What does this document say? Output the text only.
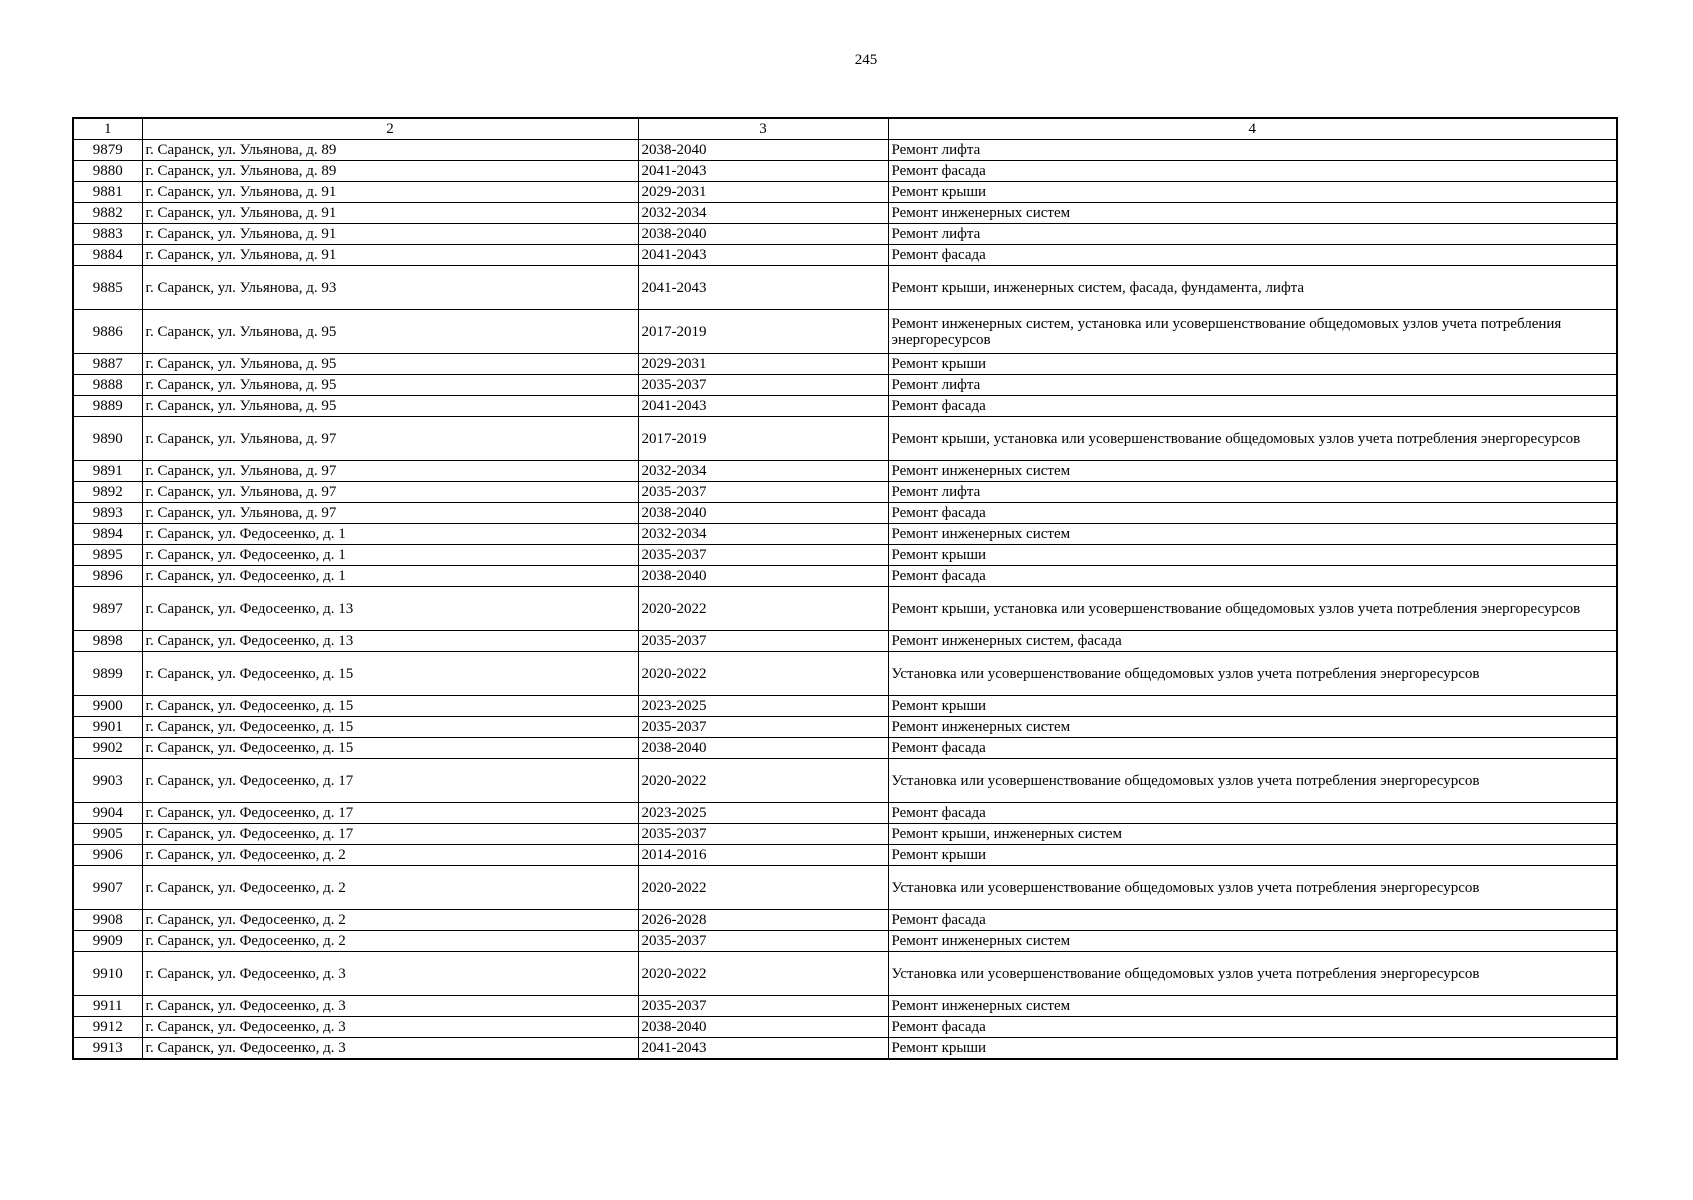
245
1	2	3	4
9879	г. Саранск, ул. Ульянова, д. 89	2038-2040	Ремонт лифта
9880	г. Саранск, ул. Ульянова, д. 89	2041-2043	Ремонт фасада
9881	г. Саранск, ул. Ульянова, д. 91	2029-2031	Ремонт крыши
9882	г. Саранск, ул. Ульянова, д. 91	2032-2034	Ремонт инженерных систем
9883	г. Саранск, ул. Ульянова, д. 91	2038-2040	Ремонт лифта
9884	г. Саранск, ул. Ульянова, д. 91	2041-2043	Ремонт фасада
9885	г. Саранск, ул. Ульянова, д. 93	2041-2043	Ремонт крыши, инженерных систем, фасада, фундамента, лифта
9886	г. Саранск, ул. Ульянова, д. 95	2017-2019	Ремонт инженерных систем, установка или усовершенствование общедомовых узлов учета потребления энергоресурсов
9887	г. Саранск, ул. Ульянова, д. 95	2029-2031	Ремонт крыши
9888	г. Саранск, ул. Ульянова, д. 95	2035-2037	Ремонт лифта
9889	г. Саранск, ул. Ульянова, д. 95	2041-2043	Ремонт фасада
9890	г. Саранск, ул. Ульянова, д. 97	2017-2019	Ремонт крыши, установка или усовершенствование общедомовых узлов учета потребления энергоресурсов
9891	г. Саранск, ул. Ульянова, д. 97	2032-2034	Ремонт инженерных систем
9892	г. Саранск, ул. Ульянова, д. 97	2035-2037	Ремонт лифта
9893	г. Саранск, ул. Ульянова, д. 97	2038-2040	Ремонт фасада
9894	г. Саранск, ул. Федосеенко, д. 1	2032-2034	Ремонт инженерных систем
9895	г. Саранск, ул. Федосеенко, д. 1	2035-2037	Ремонт крыши
9896	г. Саранск, ул. Федосеенко, д. 1	2038-2040	Ремонт фасада
9897	г. Саранск, ул. Федосеенко, д. 13	2020-2022	Ремонт крыши, установка или усовершенствование общедомовых узлов учета потребления энергоресурсов
9898	г. Саранск, ул. Федосеенко, д. 13	2035-2037	Ремонт инженерных систем, фасада
9899	г. Саранск, ул. Федосеенко, д. 15	2020-2022	Установка или усовершенствование общедомовых узлов учета потребления энергоресурсов
9900	г. Саранск, ул. Федосеенко, д. 15	2023-2025	Ремонт крыши
9901	г. Саранск, ул. Федосеенко, д. 15	2035-2037	Ремонт инженерных систем
9902	г. Саранск, ул. Федосеенко, д. 15	2038-2040	Ремонт фасада
9903	г. Саранск, ул. Федосеенко, д. 17	2020-2022	Установка или усовершенствование общедомовых узлов учета потребления энергоресурсов
9904	г. Саранск, ул. Федосеенко, д. 17	2023-2025	Ремонт фасада
9905	г. Саранск, ул. Федосеенко, д. 17	2035-2037	Ремонт крыши, инженерных систем
9906	г. Саранск, ул. Федосеенко, д. 2	2014-2016	Ремонт крыши
9907	г. Саранск, ул. Федосеенко, д. 2	2020-2022	Установка или усовершенствование общедомовых узлов учета потребления энергоресурсов
9908	г. Саранск, ул. Федосеенко, д. 2	2026-2028	Ремонт фасада
9909	г. Саранск, ул. Федосеенко, д. 2	2035-2037	Ремонт инженерных систем
9910	г. Саранск, ул. Федосеенко, д. 3	2020-2022	Установка или усовершенствование общедомовых узлов учета потребления энергоресурсов
9911	г. Саранск, ул. Федосеенко, д. 3	2035-2037	Ремонт инженерных систем
9912	г. Саранск, ул. Федосеенко, д. 3	2038-2040	Ремонт фасада
9913	г. Саранск, ул. Федосеенко, д. 3	2041-2043	Ремонт крыши
